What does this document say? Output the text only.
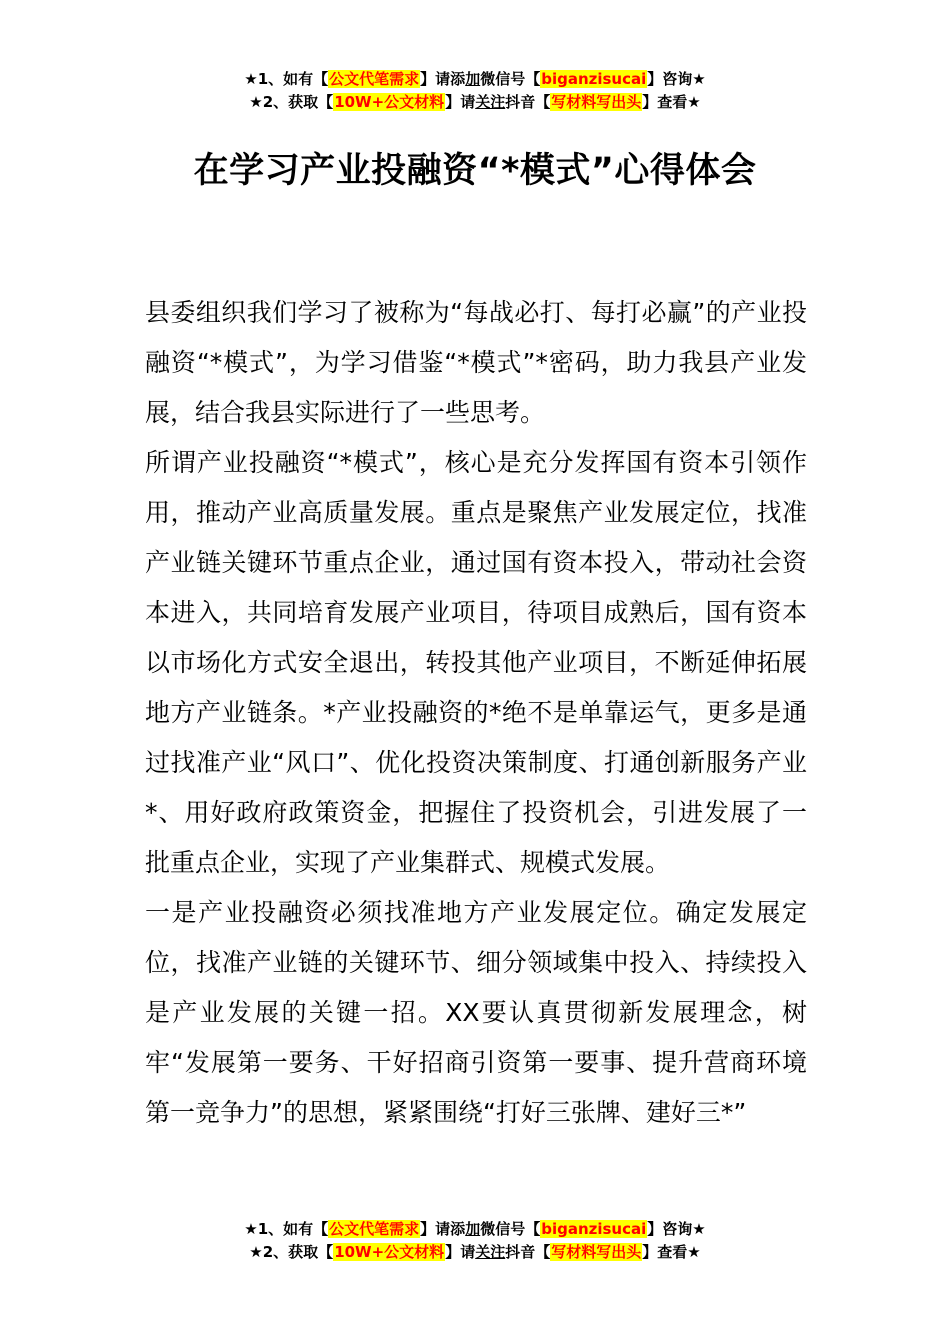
★1、如有【公文代笔需求】请添加微信号【biganzisucai】咨询★
★2、获取【10W+公文材料】请关注抖音【写材料写出头】查看★
在学习产业投融资“*模式”心得体会

县委组织我们学习了被称为“每战必打、每打必赢”的产业投融资“*模式”，为学习借鉴“*模式”*密码，助力我县产业发展，结合我县实际进行了一些思考。

所谓产业投融资“*模式”，核心是充分发挥国有资本引领作用，推动产业高质量发展。重点是聚焦产业发展定位，找准产业链关键环节重点企业，通过国有资本投入，带动社会资本进入，共同培育发展产业项目，待项目成熟后，国有资本以市场化方式安全退出，转投其他产业项目，不断延伸拓展地方产业链条。*产业投融资的*绝不是单靠运气，更多是通过找准产业“风口”、优化投资决策制度、打通创新服务产业*、用好政府政策资金，把握住了投资机会，引进发展了一批重点企业，实现了产业集群式、规模式发展。

一是产业投融资必须找准地方产业发展定位。确定发展定位，找准产业链的关键环节、细分领域集中投入、持续投入是产业发展的关键一招。XX要认真贯彻新发展理念，树牢“发展第一要务、干好招商引资第一要事、提升营商环境第一竞争力”的思想，紧紧围绕“打好三张牌、建好三*”

★1、如有【公文代笔需求】请添加微信号【biganzisucai】咨询★
★2、获取【10W+公文材料】请关注抖音【写材料写出头】查看★
